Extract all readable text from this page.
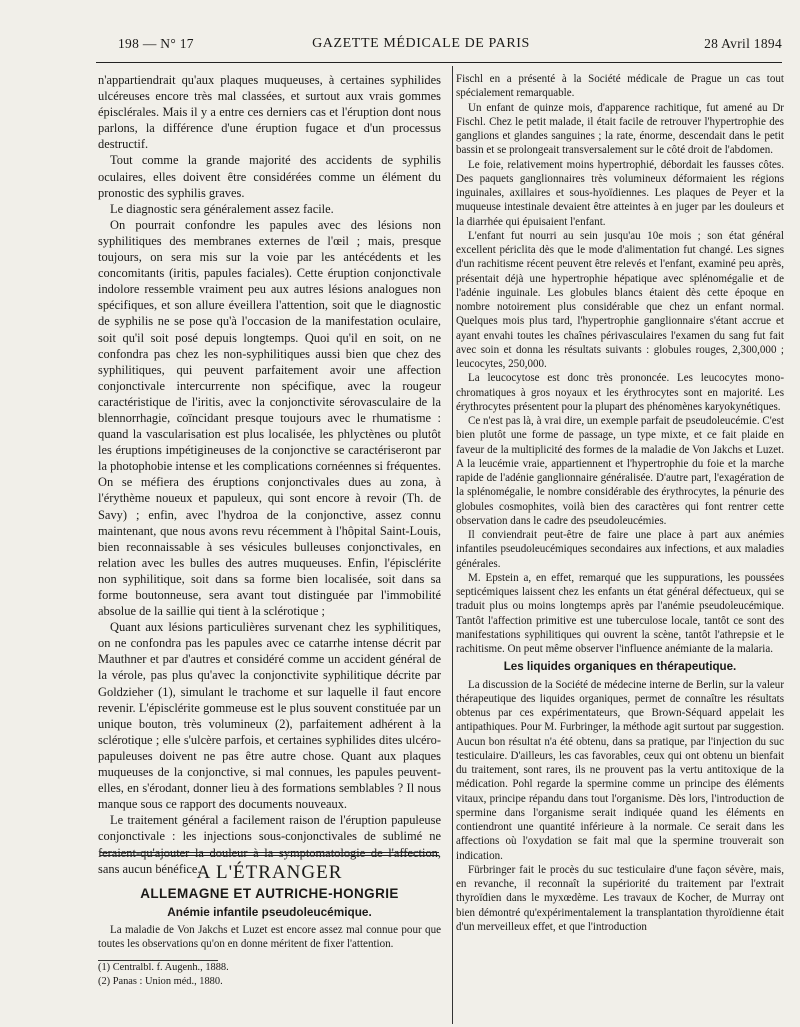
198 — N° 17	GAZETTE MÉDICALE DE PARIS	28 Avril 1894

n'appartiendrait qu'aux plaques muqueuses, à certaines syphilides ulcéreuses encore très mal classées, et surtout aux vrais gommes épisclérales. Mais il y a entre ces derniers cas et l'éruption dont nous parlons, la différence d'une éruption fugace et d'un processus destructif.

Tout comme la grande majorité des accidents de syphilis oculaires, elles doivent être considérées comme un élément du pronostic des syphilis graves.

Le diagnostic sera généralement assez facile.

On pourrait confondre les papules avec des lésions non syphilitiques des membranes externes de l'œil ; mais, presque toujours, on sera mis sur la voie par les antécédents et les concomitants (iritis, papules faciales). Cette éruption conjonctivale indolore ressemble vraiment peu aux autres lésions analogues non spécifiques, et son allure éveillera l'attention, soit que le diagnostic de syphilis ne se pose qu'à l'occasion de la manifestation oculaire, soit qu'il soit posé depuis longtemps. Quoi qu'il en soit, on ne confondra pas chez les non-syphilitiques aussi bien que chez des syphilitiques, qui peuvent parfaitement avoir une affection conjonctivale intercurrente non spécifique, avec la rougeur caractéristique de l'iritis, avec la conjonctivite sérovasculaire de la blennorrhagie, coïncidant presque toujours avec le rhumatisme : quand la vascularisation est plus localisée, les phlyctènes ou plutôt les éruptions impétigineuses de la conjonctive se caractériseront par la photophobie intense et les complications cornéennes si fréquentes. On se méfiera des éruptions conjonctivales dues au zona, à l'érythème noueux et papuleux, qui sont encore à revoir (Th. de Savy) ; enfin, avec l'hydroa de la conjonctive, assez connu maintenant, que nous avons revu récemment à l'hôpital Saint-Louis, bien reconnaissable à ses vésicules bulleuses conjonctivales, en relation avec les bulles des autres muqueuses. Enfin, l'épisclérite non syphilitique, soit dans sa forme bien localisée, soit dans sa forme boutonneuse, sera avant tout distinguée par l'immobilité absolue de la saillie qui tient à la sclérotique ;

Quant aux lésions particulières survenant chez les syphilitiques, on ne confondra pas les papules avec ce catarrhe intense décrit par Mauthner et par d'autres et considéré comme un accident général de la vérole, pas plus qu'avec la conjonctivite syphilitique décrite par Goldzieher (1), simulant le trachome et sur laquelle il faut encore revenir. L'épisclérite gommeuse est le plus souvent constituée par un unique bouton, très volumineux (2), parfaitement adhérent à la sclérotique ; elle s'ulcère parfois, et certaines syphilides dites ulcéro-papuleuses doivent ne pas être autre chose. Quant aux plaques muqueuses de la conjonctive, si mal connues, les papules peuvent-elles, en s'érodant, donner lieu à des formations semblables ? Il nous manque sous ce rapport des documents nouveaux.

Le traitement général a facilement raison de l'éruption papuleuse conjonctivale : les injections sous-conjonctivales de sublimé ne feraient-qu'ajouter la douleur à la symptomatologie de l'affection, sans aucun bénéfice.

A L'ÉTRANGER
ALLEMAGNE ET AUTRICHE-HONGRIE
Anémie infantile pseudoleucémique.
La maladie de Von Jakchs et Luzet est encore assez mal connue pour que toutes les observations qu'on en donne méritent de fixer l'attention.
(1) Centralbl. f. Augenh., 1888.
(2) Panas : Union méd., 1880.

Fischl en a présenté à la Société médicale de Prague un cas tout spécialement remarquable.

Un enfant de quinze mois, d'apparence rachitique, fut amené au Dr Fischl. Chez le petit malade, il était facile de retrouver l'hypertrophie des ganglions et glandes sanguines ; la rate, énorme, descendait dans le petit bassin et se prolongeait transversalement sur le côté droit de l'abdomen.

Le foie, relativement moins hypertrophié, débordait les fausses côtes. Des paquets ganglionnaires très volumineux déformaient les régions inguinales, axillaires et sous-hyoïdiennes. Les plaques de Peyer et la muqueuse intestinale devaient être atteintes à en juger par les douleurs et la diarrhée qui épuisaient l'enfant.

L'enfant fut nourri au sein jusqu'au 10e mois ; son état général excellent périclita dès que le mode d'alimentation fut changé. Les signes d'un rachitisme récent peuvent être relevés et l'enfant, examiné peu après, présentait déjà une hypertrophie hépatique avec splénomégalie et de l'adénie inguinale. Les globules blancs étaient dès cette époque en nombre notoirement plus considérable que chez un enfant normal. Quelques mois plus tard, l'hypertrophie ganglionnaire s'étant accrue et ayant envahi toutes les chaînes périvasculaires l'examen du sang fut fait avec soin et donna les résultats suivants : globules rouges, 2,300,000 ; leucocytes, 250,000.

La leucocytose est donc très prononcée. Les leucocytes mono-chromatiques à gros noyaux et les érythrocytes sont en majorité. Les érythrocytes présentent pour la plupart des phénomènes karyokynétiques.

Ce n'est pas là, à vrai dire, un exemple parfait de pseudoleucémie. C'est bien plutôt une forme de passage, un type mixte, et ce fait plaide en faveur de la multiplicité des formes de la maladie de Von Jakchs et Luzet. A la leucémie vraie, appartiennent et l'hypertrophie du foie et la marche rapide de l'adénie ganglionnaire généralisée. D'autre part, l'exagération de la splénomégalie, le nombre considérable des érythrocytes, la pénurie des globules cosmophites, voilà bien des caractères qui font rentrer cette observation dans le cadre des pseudoleucémies.

Il conviendrait peut-être de faire une place à part aux anémies infantiles pseudoleucémiques secondaires aux infections, et aux maladies générales.

M. Epstein a, en effet, remarqué que les suppurations, les poussées septicémiques laissent chez les enfants un état général défectueux, qui se traduit plus ou moins longtemps après par l'anémie pseudoleucémique. Tantôt l'affection primitive est une tuberculose locale, tantôt ce sont des manifestations syphilitiques qui ouvrent la scène, tantôt l'athrepsie et le rachitisme. On peut même observer l'influence anémiante de la malaria.

Les liquides organiques en thérapeutique.

La discussion de la Société de médecine interne de Berlin, sur la valeur thérapeutique des liquides organiques, permet de connaître les résultats obtenus par ces expérimentateurs, que Brown-Séquard appelait les antipathiques. Pour M. Furbringer, la méthode agit surtout par suggestion. Aucun bon résultat n'a été obtenu, dans sa pratique, par l'injection du suc testiculaire. D'ailleurs, les cas favorables, ceux qui ont obtenu un bienfait du traitement, sont rares, ils ne prouvent pas la vertu antitoxique de la médication. Pohl regarde la spermine comme un principe des éléments vitaux, principe répandu dans tout l'organisme. Dès lors, l'introduction de spermine dans l'organisme serait indiquée quand les éléments en contiendront une quantité inférieure à la normale. Ce serait dans les affections où l'oxydation se fait mal que la spermine trouverait son indication.

Fürbringer fait le procès du suc testiculaire d'une façon sévère, mais, en revanche, il reconnaît la supériorité du traitement par l'extrait thyroïdien dans le myxœdème. Les travaux de Kocher, de Murray ont bien démontré qu'expérimentalement la transplantation thyroïdienne était d'un merveilleux effet, et que l'introduction
